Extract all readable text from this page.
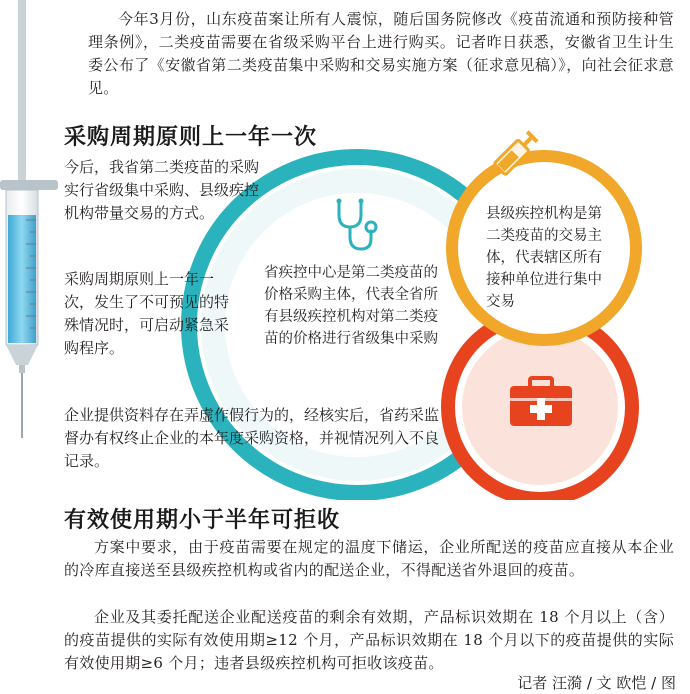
今年3月份，山东疫苗案让所有人震惊，随后国务院修改《疫苗流通和预防接种管理条例》，二类疫苗需要在省级采购平台上进行购买。记者昨日获悉，安徽省卫生计生委公布了《安徽省第二类疫苗集中采购和交易实施方案（征求意见稿）》，向社会征求意见。
采购周期原则上一年一次
今后，我省第二类疫苗的采购实行省级集中采购、县级疾控机构带量交易的方式。
采购周期原则上一年一次，发生了不可预见的特殊情况时，可启动紧急采购程序。
企业提供资料存在弄虚作假行为的，经核实后，省药采监督办有权终止企业的本年度采购资格，并视情况列入不良记录。
省疾控中心是第二类疫苗的价格采购主体，代表全省所有县级疾控机构对第二类疫苗的价格进行省级集中采购
县级疾控机构是第二类疫苗的交易主体，代表辖区所有接种单位进行集中交易
有效使用期小于半年可拒收
方案中要求，由于疫苗需要在规定的温度下储运，企业所配送的疫苗应直接从本企业的冷库直接送至县级疾控机构或省内的配送企业，不得配送省外退回的疫苗。
企业及其委托配送企业配送疫苗的剩余有效期，产品标识效期在 18 个月以上（含）的疫苗提供的实际有效使用期≥12 个月，产品标识效期在 18 个月以下的疫苗提供的实际有效使用期≥6 个月；违者县级疾控机构可拒收该疫苗。
记者 汪漪 / 文 欧恺 / 图
